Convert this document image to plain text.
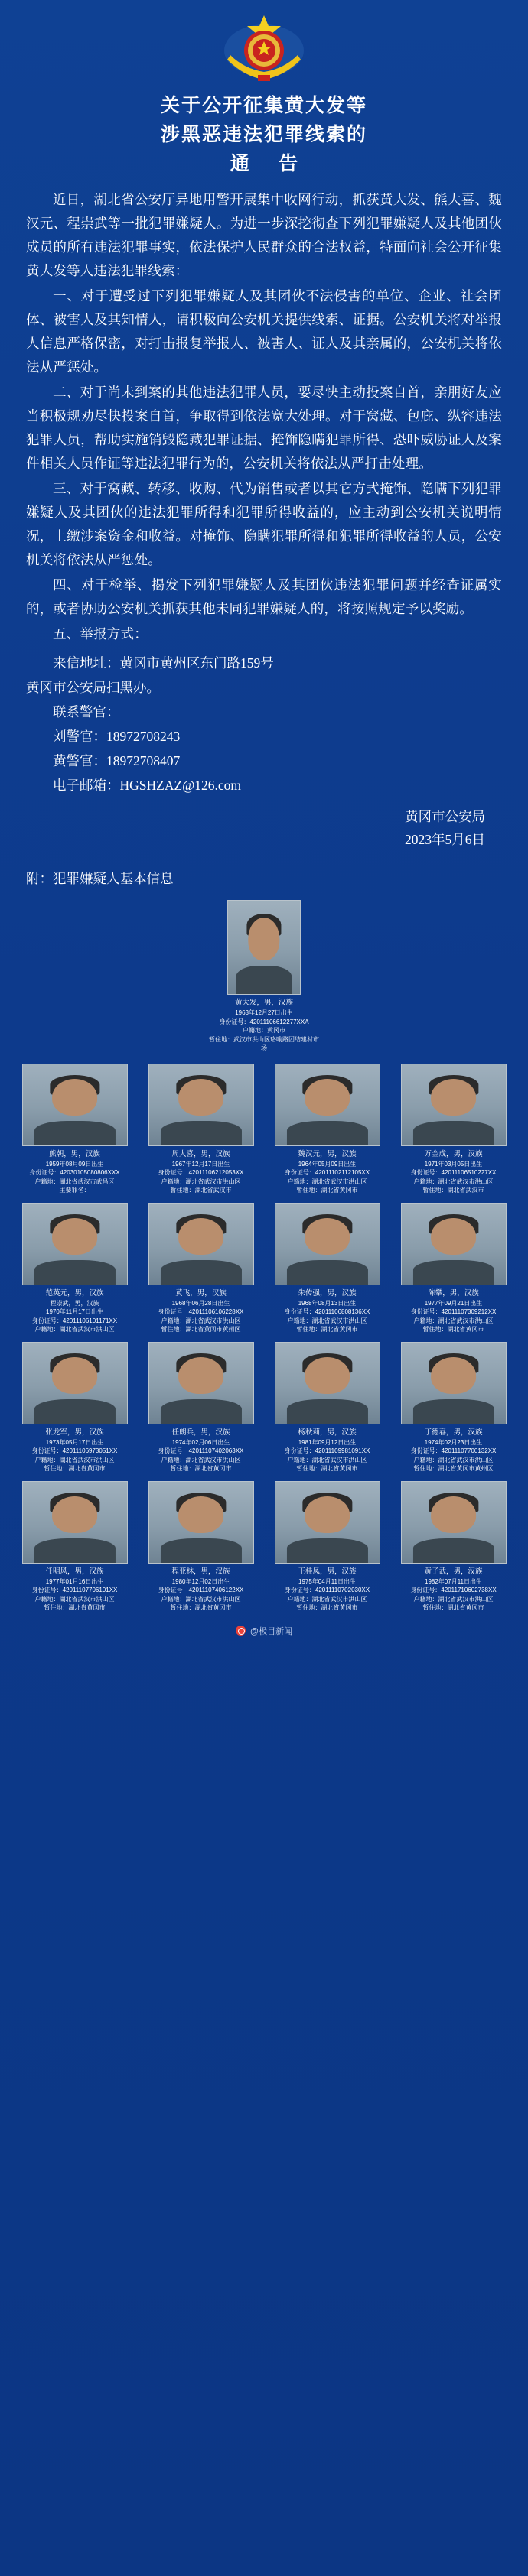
关于公开征集黄大发等
涉黑恶违法犯罪线索的
通 告

近日，湖北省公安厅异地用警开展集中收网行动，抓获黄大发、熊大喜、魏汉元、程崇武等一批犯罪嫌疑人。为进一步深挖彻查下列犯罪嫌疑人及其他团伙成员的所有违法犯罪事实，依法保护人民群众的合法权益，特面向社会公开征集黄大发等人违法犯罪线索：

一、对于遭受过下列犯罪嫌疑人及其团伙不法侵害的单位、企业、社会团体、被害人及其知情人，请积极向公安机关提供线索、证据。公安机关将对举报人信息严格保密，对打击报复举报人、被害人、证人及其亲属的，公安机关将依法从严惩处。

二、对于尚未到案的其他违法犯罪人员，要尽快主动投案自首，亲朋好友应当积极规劝尽快投案自首，争取得到依法宽大处理。对于窝藏、包庇、纵容违法犯罪人员，帮助实施销毁隐藏犯罪证据、掩饰隐瞒犯罪所得、恐吓威胁证人及案件相关人员作证等违法犯罪行为的，公安机关将依法从严打击处理。

三、对于窝藏、转移、收购、代为销售或者以其它方式掩饰、隐瞒下列犯罪嫌疑人及其团伙的违法犯罪所得和犯罪所得收益的，应主动到公安机关说明情况，上缴涉案资金和收益。对掩饰、隐瞒犯罪所得和犯罪所得收益的人员，公安机关将依法从严惩处。

四、对于检举、揭发下列犯罪嫌疑人及其团伙违法犯罪问题并经查证属实的，或者协助公安机关抓获其他未同犯罪嫌疑人的，将按照规定予以奖励。

五、举报方式：

来信地址：黄冈市黄州区东门路159号
黄冈市公安局扫黑办。
联系警官：
刘警官：18972708243
黄警官：18972708407
电子邮箱：HGSHZAZ@126.com
黄冈市公安局
2023年5月6日
附：犯罪嫌疑人基本信息
黄大发，男，汉族
1963年12月27日出生
身份证号：42011106612277XXA
户籍地：黄冈市
暂住地：武汉市洪山区珞喻路团结建材市场
熊朝，男，汉族
1959年08月09日出生
身份证号：42030105080806XXX
户籍地：湖北省武汉市武昌区
主要罪名：
周大喜，男，汉族
1967年12月17日出生
身份证号：42011106212053XX
户籍地：湖北省武汉市洪山区
暂住地：湖北省武汉市
魏汉元，男，汉族
1964年05月09日出生
身份证号：42011102112105XX
户籍地：湖北省武汉市洪山区
暂住地：湖北省黄冈市
万金成，男，汉族
1971年03月05日出生
身份证号：42011106510227XX
户籍地：湖北省武汉市洪山区
暂住地：湖北省武汉市
范英元，男，汉族
程崇武，男，汉族
1970年11月17日出生
身份证号：42011106101171XX
户籍地：湖北省武汉市洪山区
黄飞，男，汉族
1968年06月28日出生
身份证号：42011106106228XX
户籍地：湖北省武汉市洪山区
暂住地：湖北省黄冈市黄州区
朱传强，男，汉族
1968年08月13日出生
身份证号：42011106808136XX
户籍地：湖北省武汉市洪山区
暂住地：湖北省黄冈市
陈攀，男，汉族
1977年09月21日出生
身份证号：42011107309212XX
户籍地：湖北省武汉市洪山区
暂住地：湖北省黄冈市
张龙军，男，汉族
1973年05月17日出生
身份证号：42011106973051XX
户籍地：湖北省武汉市洪山区
暂住地：湖北省黄冈市
任朗兵，男，汉族
1974年02月06日出生
身份证号：42011107402063XX
户籍地：湖北省武汉市洪山区
暂住地：湖北省黄冈市
杨秋莉，男，汉族
1981年09月12日出生
身份证号：42011109981091XX
户籍地：湖北省武汉市洪山区
暂住地：湖北省黄冈市
丁德春，男，汉族
1974年02月23日出生
身份证号：42011107700132XX
户籍地：湖北省武汉市洪山区
暂住地：湖北省黄冈市黄州区
任明风，男，汉族
1977年01月16日出生
身份证号：42011107706101XX
户籍地：湖北省武汉市洪山区
暂住地：湖北省黄冈市
程亚林，男，汉族
1980年12月02日出生
身份证号：42011107406122XX
户籍地：湖北省武汉市洪山区
暂住地：湖北省黄冈市
王桂凤，男，汉族
1975年04月11日出生
身份证号：42011110702030XX
户籍地：湖北省武汉市洪山区
暂住地：湖北省黄冈市
黄子武，男，汉族
1982年07月11日出生
身份证号：42011710602738XX
户籍地：湖北省武汉市洪山区
暂住地：湖北省黄冈市
@极目新闻
